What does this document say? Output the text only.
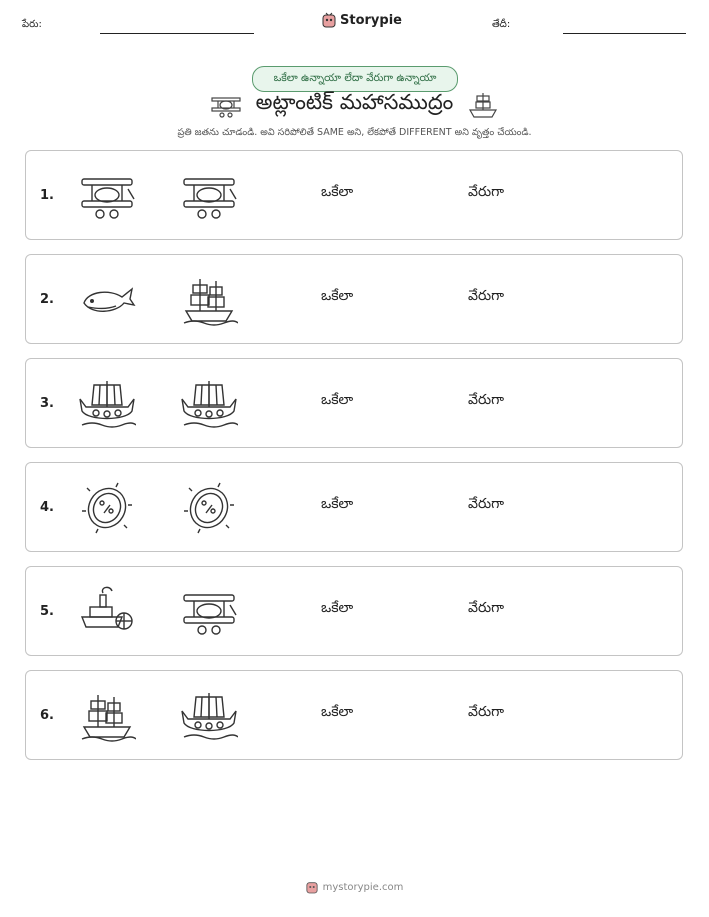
పేరు:	Storypie	తేదీ:
ఒకేలా ఉన్నాయా లేదా వేరుగా ఉన్నాయా
అట్లాంటిక్ మహాసముద్రం
ప్రతి జతను చూడండి. అవి సరిపోలితే SAME అని, లేకపోతే DIFFERENT అని వృత్తం చేయండి.
1.	ఒకేలా	వేరుగా
2.	ఒకేలా	వేరుగా
3.	ఒకేలా	వేరుగా
4.	ఒకేలా	వేరుగా
5.	ఒకేలా	వేరుగా
6.	ఒకేలా	వేరుగా
mystorypie.com
